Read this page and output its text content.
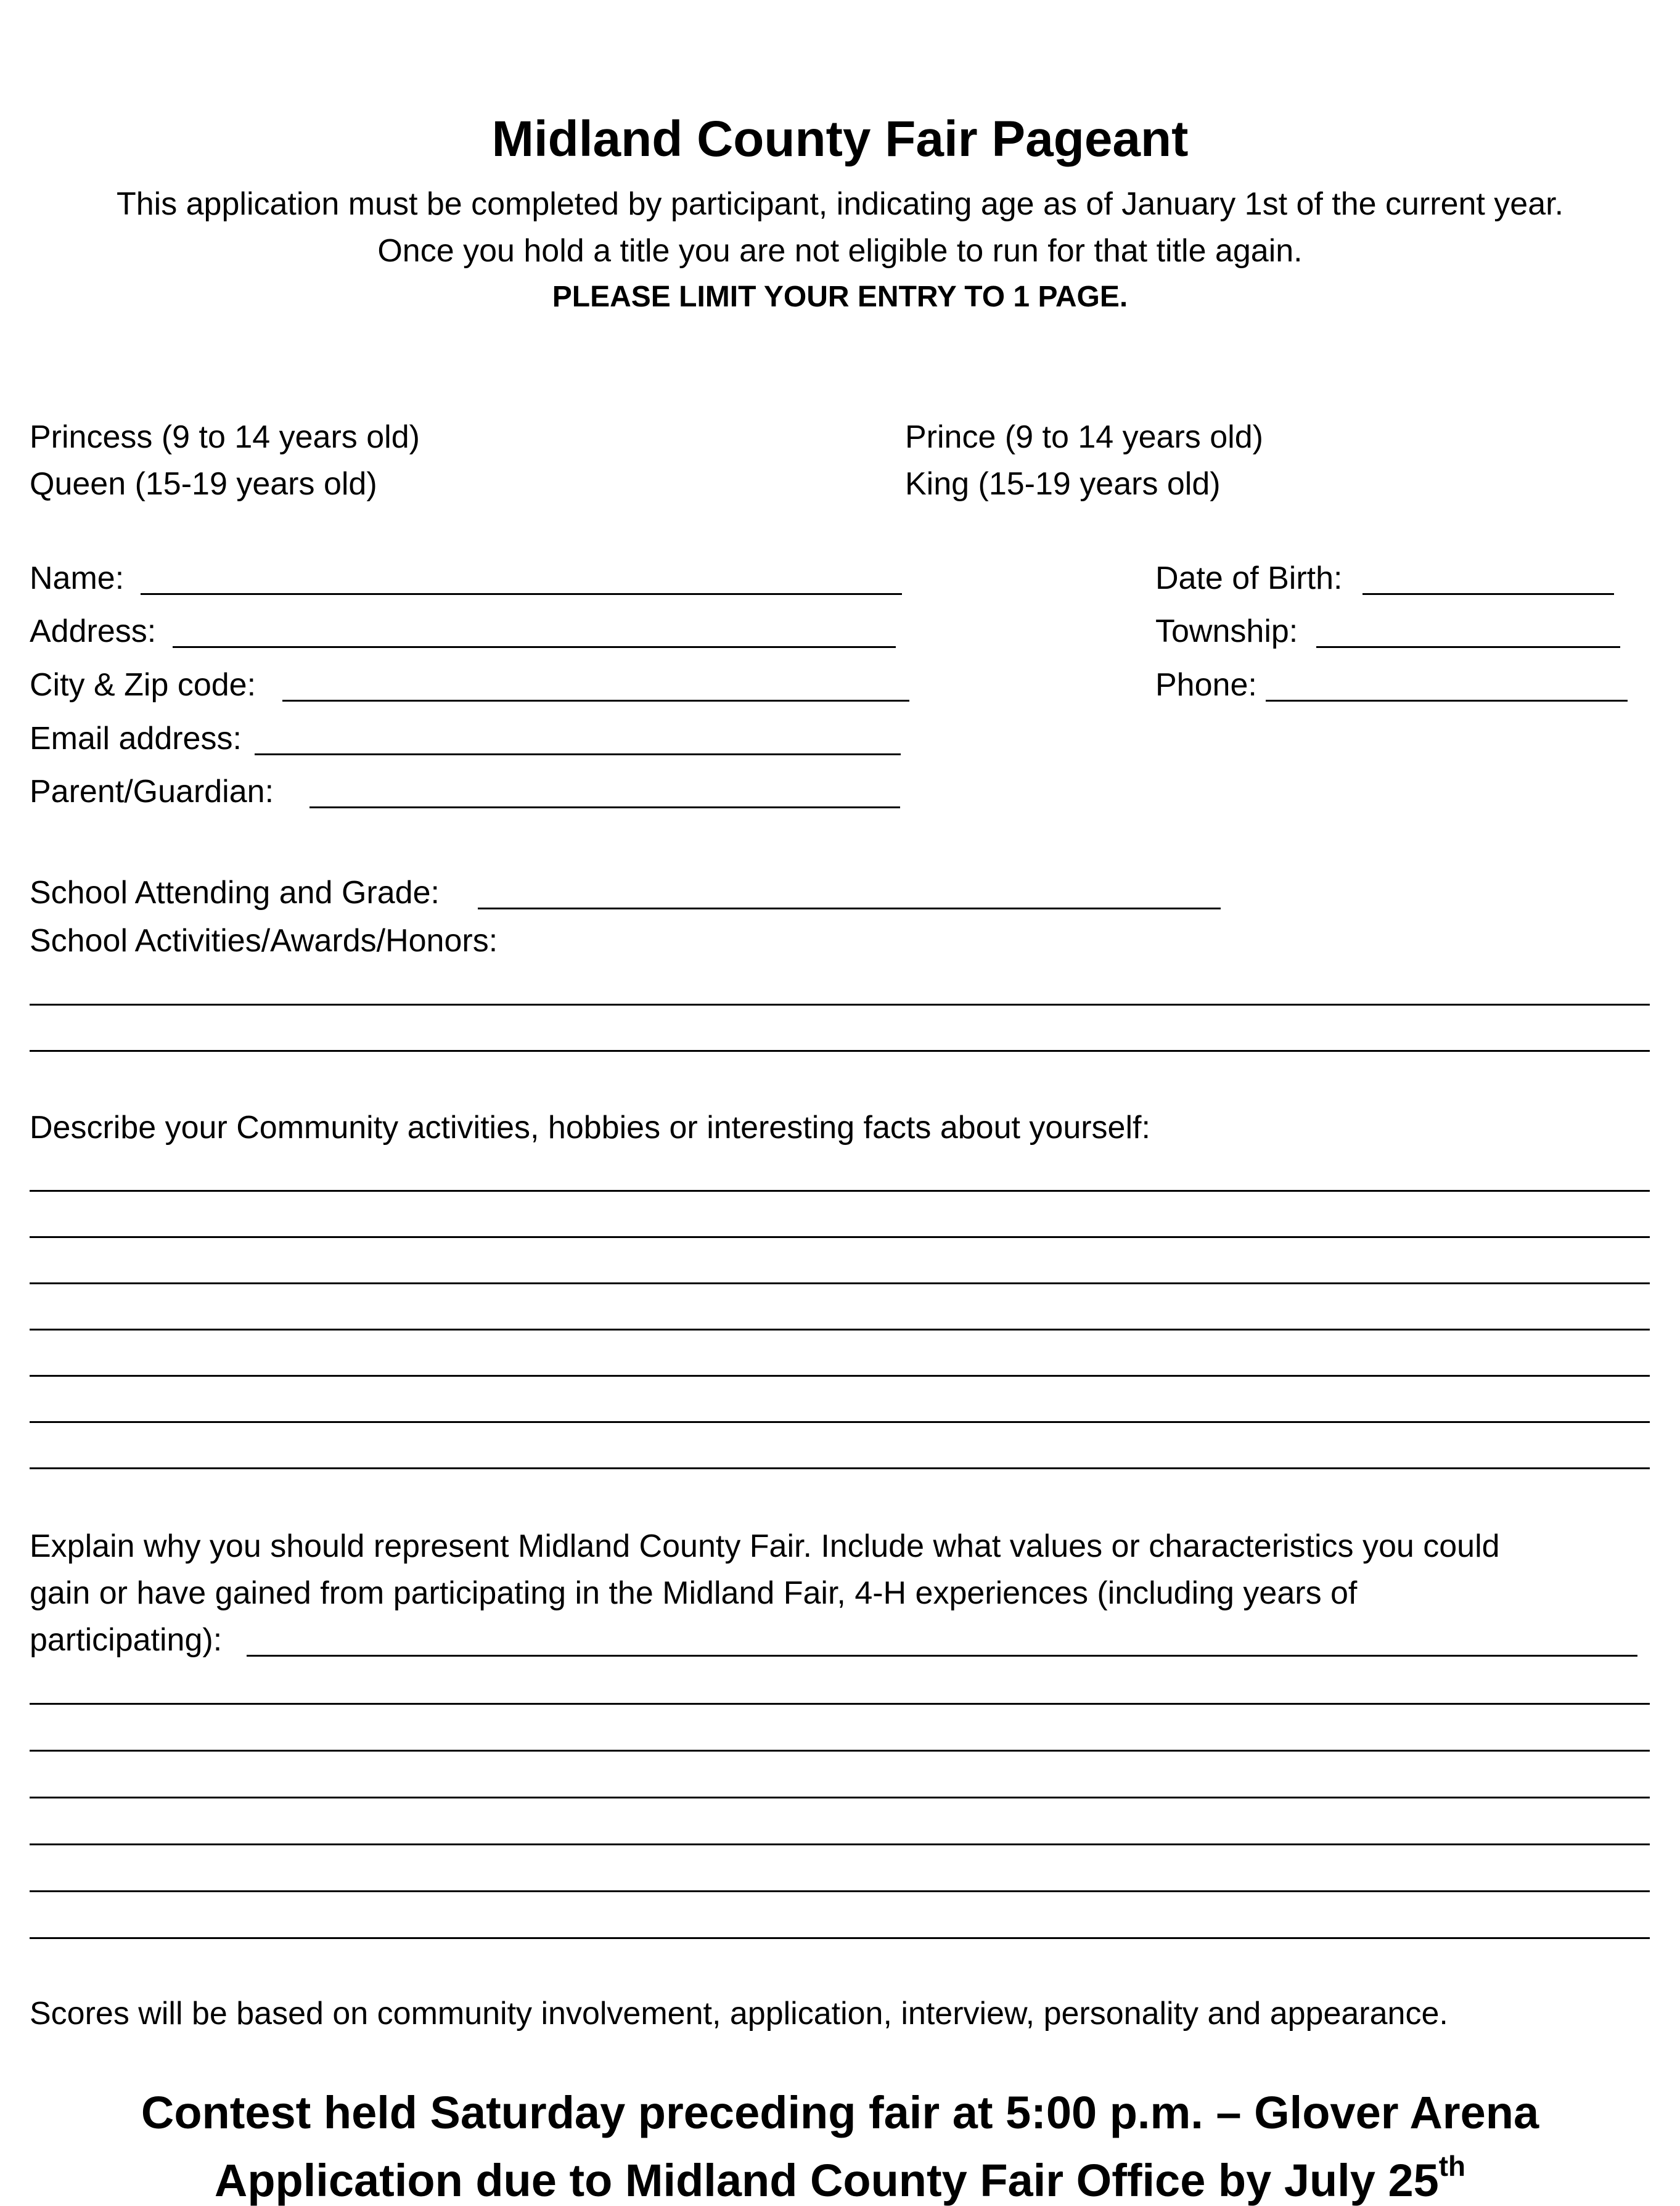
Midland County Fair Pageant
This application must be completed by participant, indicating age as of January 1st of the current year.
Once you hold a title you are not eligible to run for that title again.
PLEASE LIMIT YOUR ENTRY TO 1 PAGE.
Princess (9 to 14 years old)
Queen (15-19 years old)
Prince (9 to 14 years old)
King (15-19 years old)
Name:
Address:
City & Zip code:
Email address:
Parent/Guardian:
Date of Birth:
Township:
Phone:
School Attending and Grade:
School Activities/Awards/Honors:
Describe your Community activities, hobbies or interesting facts about yourself:
Explain why you should represent Midland County Fair. Include what values or characteristics you could
gain or have gained from participating in the Midland Fair, 4-H experiences (including years of
participating):
Scores will be based on community involvement, application, interview, personality and appearance.
Contest held Saturday preceding fair at 5:00 p.m. – Glover Arena
Application due to Midland County Fair Office by July 25th
